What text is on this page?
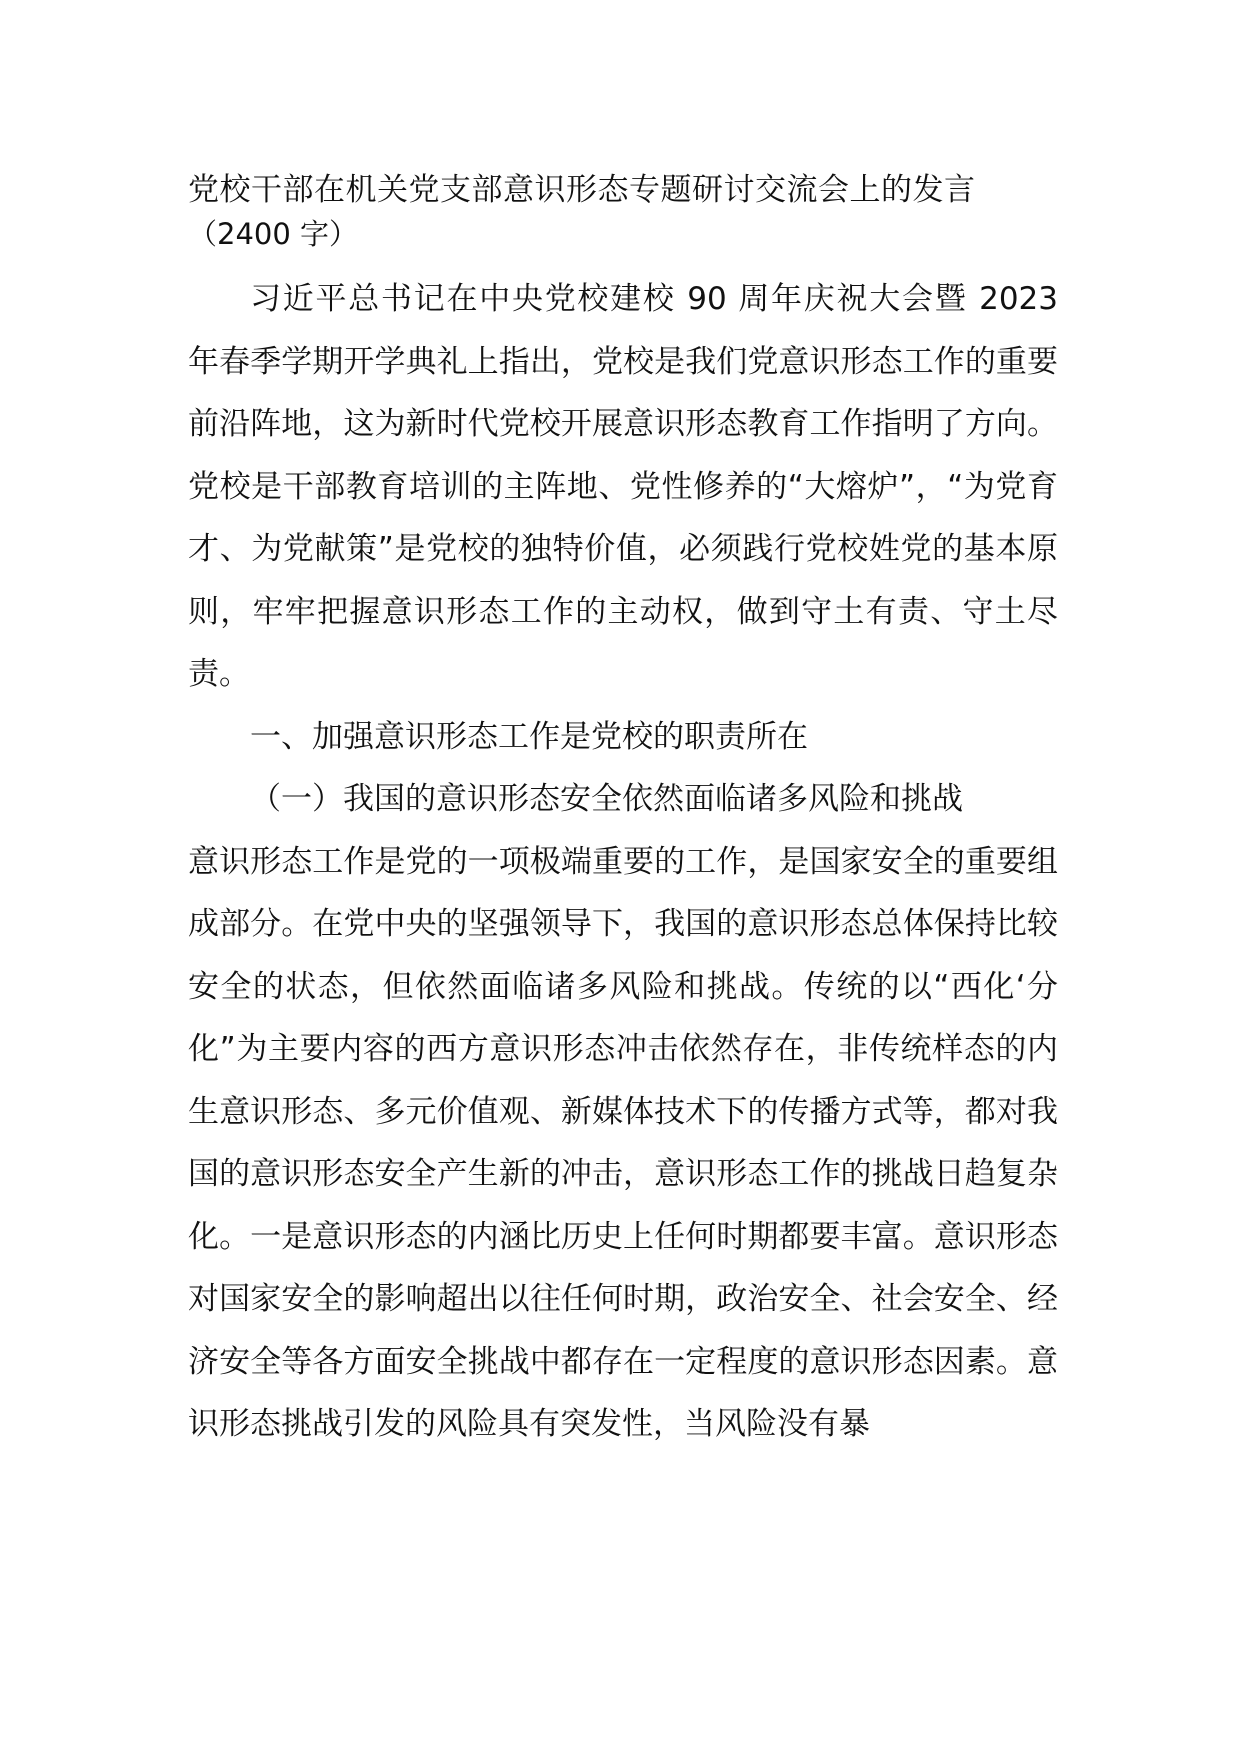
党校干部在机关党支部意识形态专题研讨交流会上的发言

（2400 字）

习近平总书记在中央党校建校 90 周年庆祝大会暨 2023 年春季学期开学典礼上指出，党校是我们党意识形态工作的重要前沿阵地，这为新时代党校开展意识形态教育工作指明了方向。党校是干部教育培训的主阵地、党性修养的“大熔炉”，“为党育才、为党献策”是党校的独特价值，必须践行党校姓党的基本原则，牢牢把握意识形态工作的主动权，做到守土有责、守土尽责。

一、加强意识形态工作是党校的职责所在

（一）我国的意识形态安全依然面临诸多风险和挑战

意识形态工作是党的一项极端重要的工作，是国家安全的重要组成部分。在党中央的坚强领导下，我国的意识形态总体保持比较安全的状态，但依然面临诸多风险和挑战。传统的以“西化‘分化”为主要内容的西方意识形态冲击依然存在，非传统样态的内生意识形态、多元价值观、新媒体技术下的传播方式等，都对我国的意识形态安全产生新的冲击，意识形态工作的挑战日趋复杂化。一是意识形态的内涵比历史上任何时期都要丰富。意识形态对国家安全的影响超出以往任何时期，政治安全、社会安全、经济安全等各方面安全挑战中都存在一定程度的意识形态因素。意识形态挑战引发的风险具有突发性，当风险没有暴
